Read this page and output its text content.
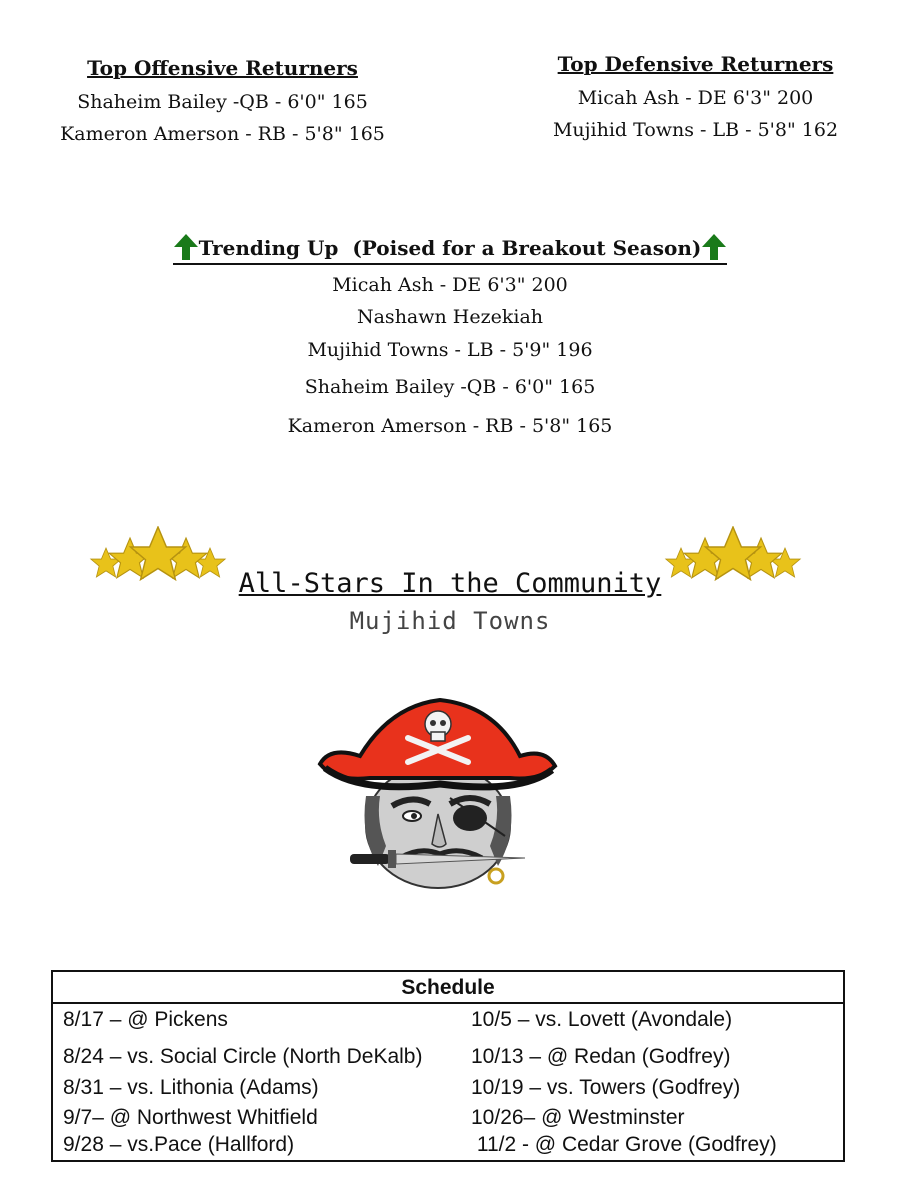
Top Offensive Returners
Shaheim Bailey -QB - 6'0" 165
Kameron Amerson - RB - 5'8" 165
Top Defensive Returners
Micah Ash - DE 6'3" 200
Mujihid Towns - LB - 5'8" 162
Trending Up  (Poised for a Breakout Season)
Micah Ash - DE 6'3" 200
Nashawn Hezekiah
Mujihid Towns - LB - 5'9" 196
Shaheim Bailey -QB - 6'0" 165
Kameron Amerson - RB - 5'8" 165
All-Stars In the Community
Mujihid Towns
Schedule
8/17 – @ Pickens
8/24 – vs. Social Circle (North DeKalb)
8/31 – vs. Lithonia (Adams)
9/7– @ Northwest Whitfield
9/28 – vs.Pace (Hallford)
10/5 – vs. Lovett (Avondale)
10/13 – @ Redan (Godfrey)
10/19 – vs. Towers (Godfrey)
10/26– @ Westminster
11/2 - @ Cedar Grove (Godfrey)
